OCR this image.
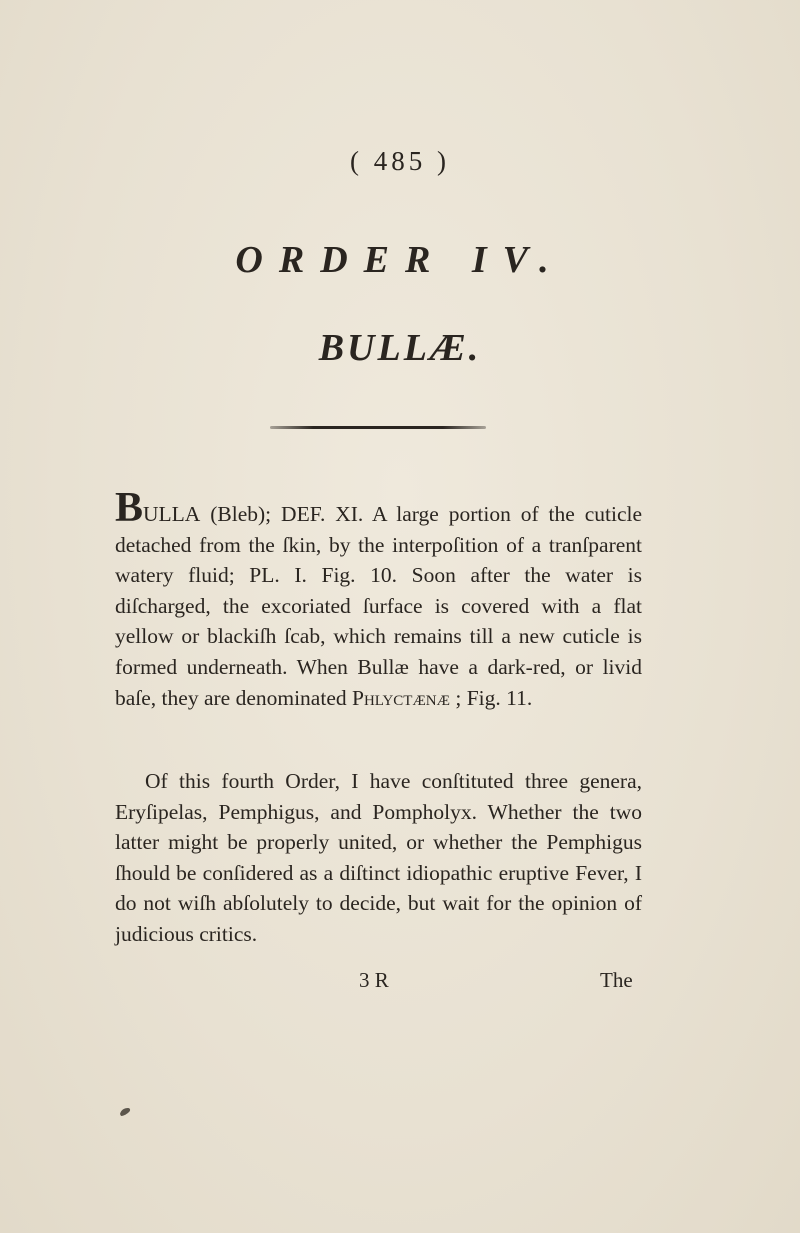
( 485 )
ORDER IV.
BULLÆ.
BULLA (Bleb); DEF. XI. A large portion of the cuticle detached from the ſkin, by the interpoſition of a tranſparent watery fluid; PL. I. Fig. 10. Soon after the water is diſcharged, the excoriated ſurface is covered with a flat yellow or blackiſh ſcab, which remains till a new cuticle is formed underneath. When Bullæ have a dark-red, or livid baſe, they are denominated Phlyctænæ ; Fig. 11.
Of this fourth Order, I have conſtituted three genera, Eryſipelas, Pemphigus, and Pompholyx. Whether the two latter might be properly united, or whether the Pemphigus ſhould be conſidered as a diſtinct idiopathic eruptive Fever, I do not wiſh abſolutely to decide, but wait for the opinion of judicious critics.
3 R	The
